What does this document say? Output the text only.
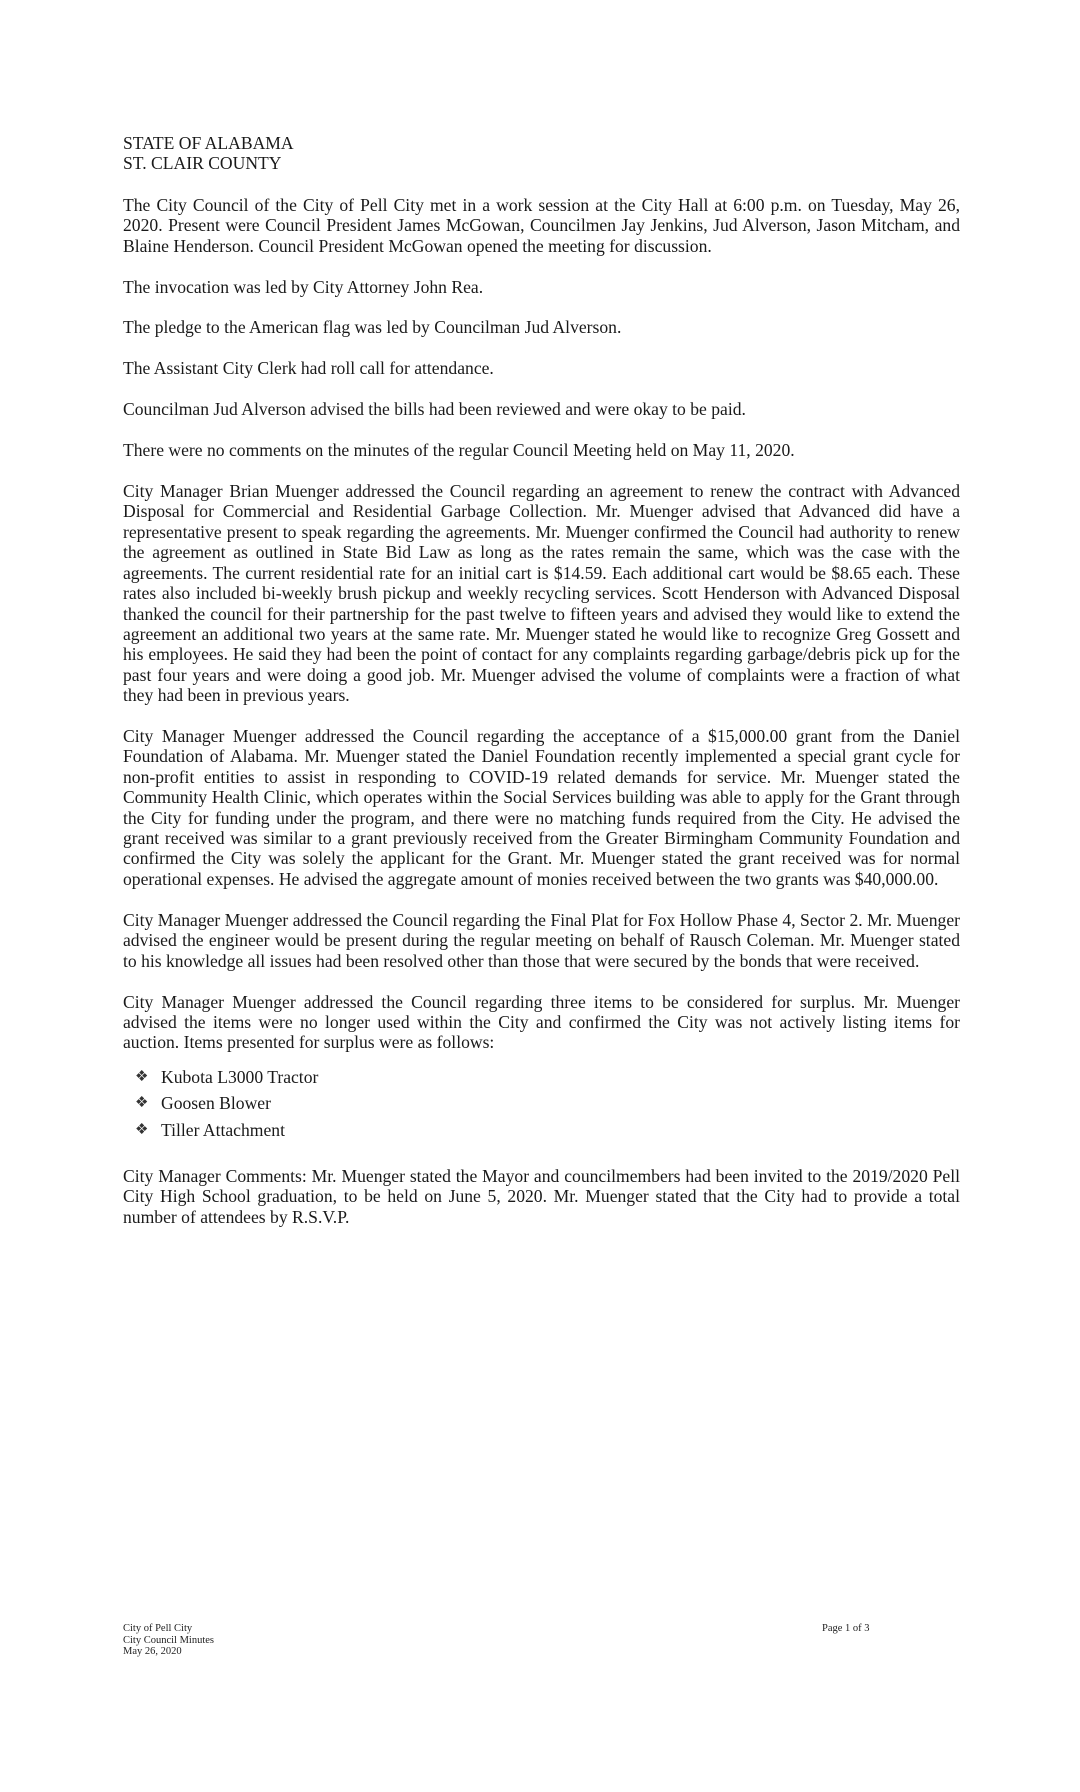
STATE OF ALABAMA

ST. CLAIR COUNTY

The City Council of the City of Pell City met in a work session at the City Hall at 6:00 p.m. on Tuesday, May 26, 2020. Present were Council President James McGowan, Councilmen Jay Jenkins, Jud Alverson, Jason Mitcham, and Blaine Henderson. Council President McGowan opened the meeting for discussion.

The invocation was led by City Attorney John Rea.

The pledge to the American flag was led by Councilman Jud Alverson.

The Assistant City Clerk had roll call for attendance.

Councilman Jud Alverson advised the bills had been reviewed and were okay to be paid.

There were no comments on the minutes of the regular Council Meeting held on May 11, 2020.

City Manager Brian Muenger addressed the Council regarding an agreement to renew the contract with Advanced Disposal for Commercial and Residential Garbage Collection. Mr. Muenger advised that Advanced did have a representative present to speak regarding the agreements. Mr. Muenger confirmed the Council had authority to renew the agreement as outlined in State Bid Law as long as the rates remain the same, which was the case with the agreements. The current residential rate for an initial cart is $14.59. Each additional cart would be $8.65 each. These rates also included bi-weekly brush pickup and weekly recycling services. Scott Henderson with Advanced Disposal thanked the council for their partnership for the past twelve to fifteen years and advised they would like to extend the agreement an additional two years at the same rate. Mr. Muenger stated he would like to recognize Greg Gossett and his employees. He said they had been the point of contact for any complaints regarding garbage/debris pick up for the past four years and were doing a good job. Mr. Muenger advised the volume of complaints were a fraction of what they had been in previous years.

City Manager Muenger addressed the Council regarding the acceptance of a $15,000.00 grant from the Daniel Foundation of Alabama. Mr. Muenger stated the Daniel Foundation recently implemented a special grant cycle for non-profit entities to assist in responding to COVID-19 related demands for service. Mr. Muenger stated the Community Health Clinic, which operates within the Social Services building was able to apply for the Grant through the City for funding under the program, and there were no matching funds required from the City. He advised the grant received was similar to a grant previously received from the Greater Birmingham Community Foundation and confirmed the City was solely the applicant for the Grant. Mr. Muenger stated the grant received was for normal operational expenses. He advised the aggregate amount of monies received between the two grants was $40,000.00.

City Manager Muenger addressed the Council regarding the Final Plat for Fox Hollow Phase 4, Sector 2. Mr. Muenger advised the engineer would be present during the regular meeting on behalf of Rausch Coleman. Mr. Muenger stated to his knowledge all issues had been resolved other than those that were secured by the bonds that were received.

City Manager Muenger addressed the Council regarding three items to be considered for surplus. Mr. Muenger advised the items were no longer used within the City and confirmed the City was not actively listing items for auction. Items presented for surplus were as follows:

❖ Kubota L3000 Tractor
❖ Goosen Blower
❖ Tiller Attachment

City Manager Comments: Mr. Muenger stated the Mayor and councilmembers had been invited to the 2019/2020 Pell City High School graduation, to be held on June 5, 2020. Mr. Muenger stated that the City had to provide a total number of attendees by R.S.V.P.

City of Pell City
City Council Minutes
May 26, 2020
Page 1 of 3
